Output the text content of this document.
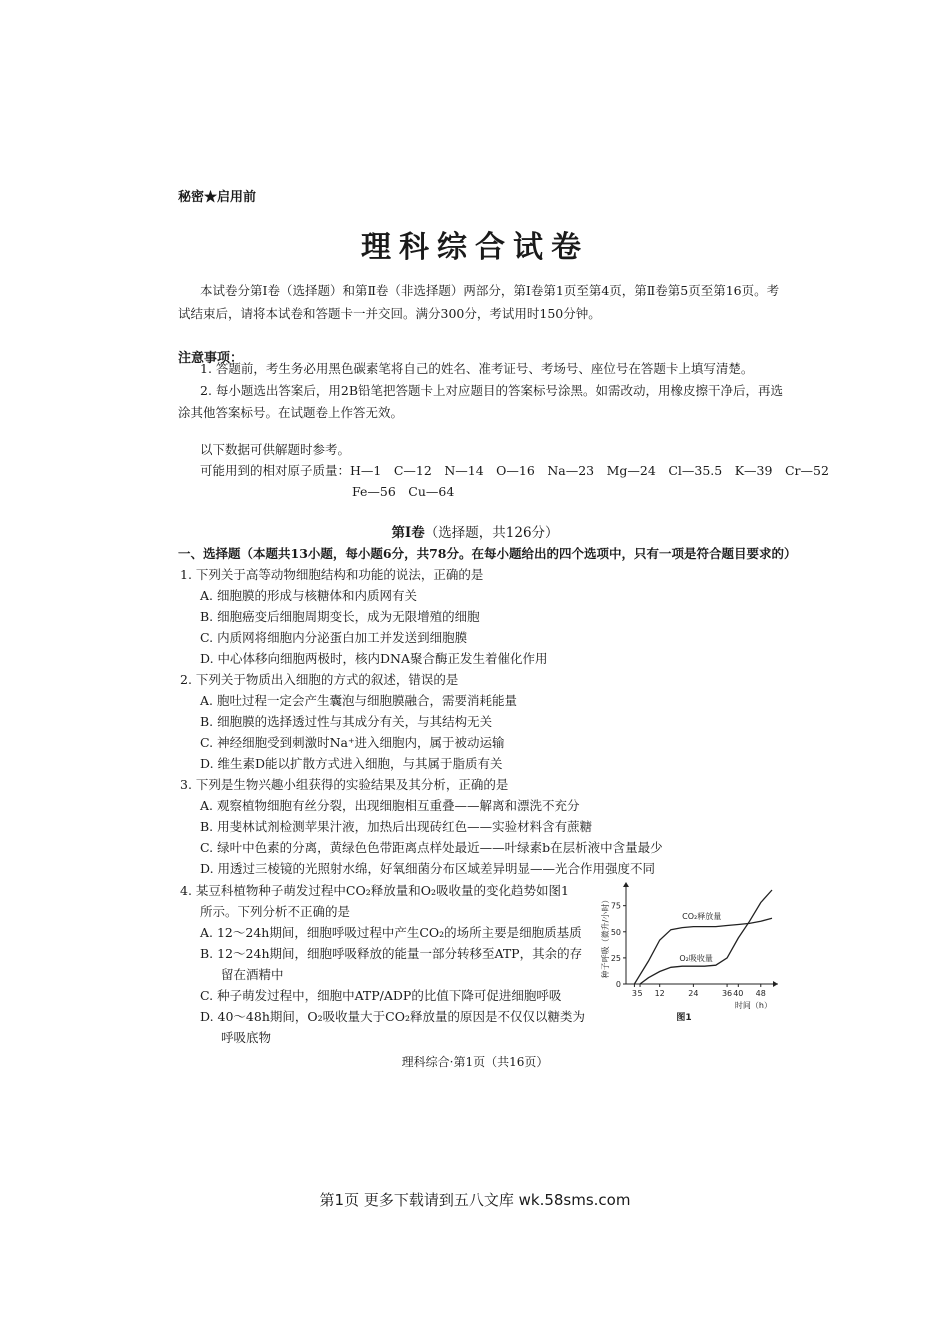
秘密★启用前
理科综合试卷
本试卷分第Ⅰ卷（选择题）和第Ⅱ卷（非选择题）两部分，第Ⅰ卷第1页至第4页，第Ⅱ卷第5页至第16页。考试结束后，请将本试卷和答题卡一并交回。满分300分，考试用时150分钟。
注意事项：
1. 答题前，考生务必用黑色碳素笔将自己的姓名、准考证号、考场号、座位号在答题卡上填写清楚。
2. 每小题选出答案后，用2B铅笔把答题卡上对应题目的答案标号涂黑。如需改动，用橡皮擦干净后，再选涂其他答案标号。在试题卷上作答无效。
以下数据可供解题时参考。
可能用到的相对原子质量：H—1　C—12　N—14　O—16　Na—23　Mg—24　Cl—35.5　K—39　Cr—52
Fe—56　Cu—64
第Ⅰ卷（选择题，共126分）
一、选择题（本题共13小题，每小题6分，共78分。在每小题给出的四个选项中，只有一项是符合题目要求的）
1. 下列关于高等动物细胞结构和功能的说法，正确的是
A. 细胞膜的形成与核糖体和内质网有关
B. 细胞癌变后细胞周期变长，成为无限增殖的细胞
C. 内质网将细胞内分泌蛋白加工并发送到细胞膜
D. 中心体移向细胞两极时，核内DNA聚合酶正发生着催化作用
2. 下列关于物质出入细胞的方式的叙述，错误的是
A. 胞吐过程一定会产生囊泡与细胞膜融合，需要消耗能量
B. 细胞膜的选择透过性与其成分有关，与其结构无关
C. 神经细胞受到刺激时Na⁺进入细胞内，属于被动运输
D. 维生素D能以扩散方式进入细胞，与其属于脂质有关
3. 下列是生物兴趣小组获得的实验结果及其分析，正确的是
A. 观察植物细胞有丝分裂，出现细胞相互重叠——解离和漂洗不充分
B. 用斐林试剂检测苹果汁液，加热后出现砖红色——实验材料含有蔗糖
C. 绿叶中色素的分离，黄绿色色带距离点样处最近——叶绿素b在层析液中含量最少
D. 用透过三棱镜的光照射水绵，好氧细菌分布区域差异明显——光合作用强度不同
4. 某豆科植物种子萌发过程中CO₂释放量和O₂吸收量的变化趋势如图1
所示。下列分析不正确的是
A. 12～24h期间，细胞呼吸过程中产生CO₂的场所主要是细胞质基质
B. 12～24h期间，细胞呼吸释放的能量一部分转移至ATP，其余的存
留在酒精中
C. 种子萌发过程中，细胞中ATP/ADP的比值下降可促进细胞呼吸
D. 40～48h期间，O₂吸收量大于CO₂释放量的原因是不仅仅以糖类为
呼吸底物
0
25
50
75
3 5 12	24	36 40 48
时间（h）
种子呼吸（微升/小时）	CO₂释放量
O₂吸收量
图1
理科综合·第1页（共16页）
第1页 更多下载请到五八文库 wk.58sms.com
